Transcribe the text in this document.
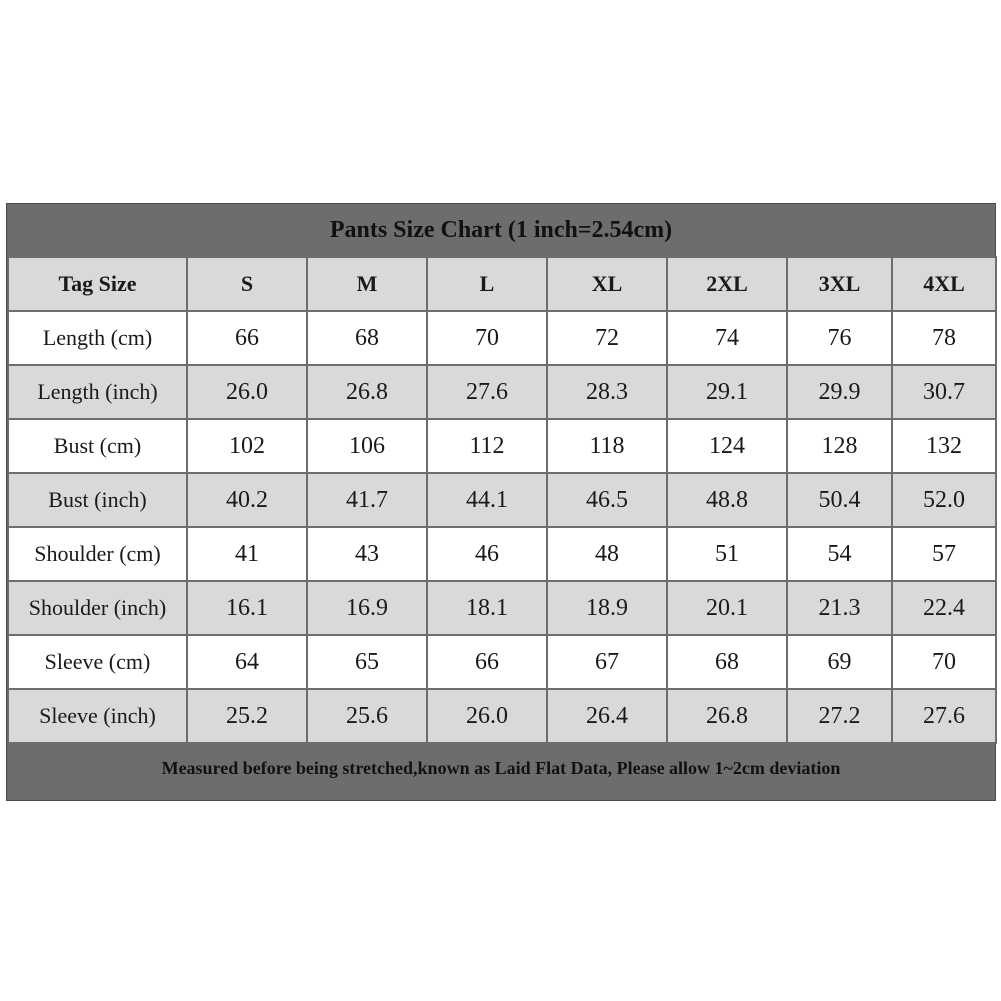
Pants Size Chart (1 inch=2.54cm)
Tag Size	S	M	L	XL	2XL	3XL	4XL
Length (cm)	66	68	70	72	74	76	78
Length (inch)	26.0	26.8	27.6	28.3	29.1	29.9	30.7
Bust (cm)	102	106	112	118	124	128	132
Bust (inch)	40.2	41.7	44.1	46.5	48.8	50.4	52.0
Shoulder (cm)	41	43	46	48	51	54	57
Shoulder (inch)	16.1	16.9	18.1	18.9	20.1	21.3	22.4
Sleeve (cm)	64	65	66	67	68	69	70
Sleeve (inch)	25.2	25.6	26.0	26.4	26.8	27.2	27.6
Measured before being stretched,known as Laid Flat Data, Please allow 1~2cm deviation
